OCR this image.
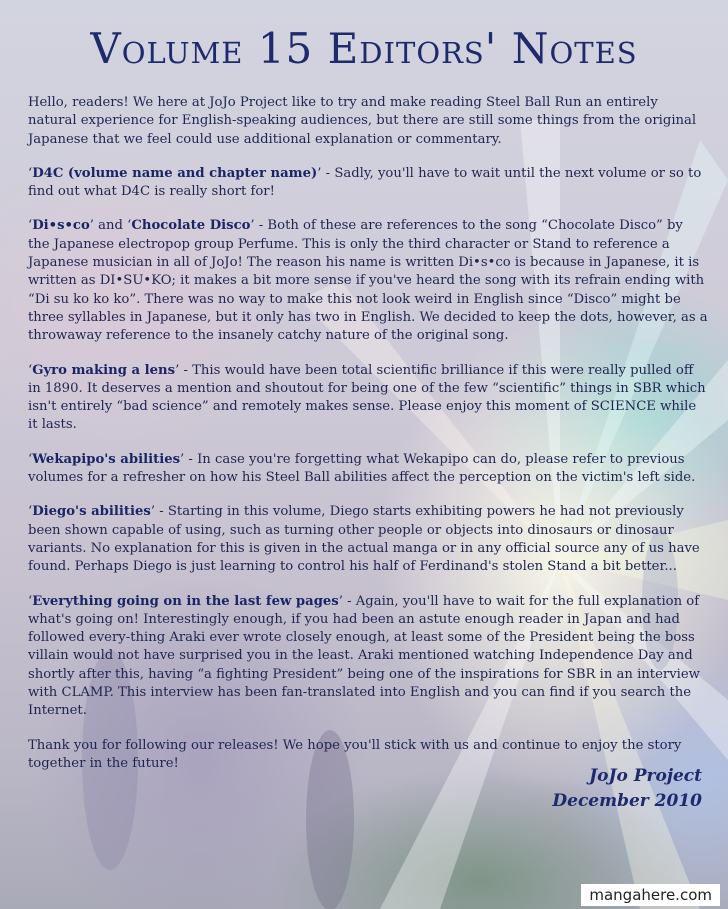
Volume 15 Editors' Notes

Hello, readers! We here at JoJo Project like to try and make reading Steel Ball Run an entirely natural experience for English-speaking audiences, but there are still some things from the original Japanese that we feel could use additional explanation or commentary.

‘D4C (volume name and chapter name)’ - Sadly, you'll have to wait until the next volume or so to find out what D4C is really short for!

‘Di•s•co’ and ‘Chocolate Disco’ - Both of these are references to the song “Chocolate Disco” by the Japanese electropop group Perfume. This is only the third character or Stand to reference a Japanese musician in all of JoJo! The reason his name is written Di•s•co is because in Japanese, it is written as DI•SU•KO; it makes a bit more sense if you've heard the song with its refrain ending with “Di su ko ko ko”. There was no way to make this not look weird in English since “Disco” might be three syllables in Japanese, but it only has two in English. We decided to keep the dots, however, as a throwaway reference to the insanely catchy nature of the original song.

‘Gyro making a lens’ - This would have been total scientific brilliance if this were really pulled off in 1890. It deserves a mention and shoutout for being one of the few “scientific” things in SBR which isn't entirely “bad science” and remotely makes sense. Please enjoy this moment of SCIENCE while it lasts.

‘Wekapipo's abilities’ - In case you're forgetting what Wekapipo can do, please refer to previous volumes for a refresher on how his Steel Ball abilities affect the perception on the victim's left side.

‘Diego's abilities’ - Starting in this volume, Diego starts exhibiting powers he had not previously been shown capable of using, such as turning other people or objects into dinosaurs or dinosaur variants. No explanation for this is given in the actual manga or in any official source any of us have found. Perhaps Diego is just learning to control his half of Ferdinand's stolen Stand a bit better...

‘Everything going on in the last few pages’ - Again, you'll have to wait for the full explanation of what's going on! Interestingly enough, if you had been an astute enough reader in Japan and had followed every-thing Araki ever wrote closely enough, at least some of the President being the boss villain would not have surprised you in the least. Araki mentioned watching Independence Day and shortly after this, having “a fighting President” being one of the inspirations for SBR in an interview with CLAMP. This interview has been fan-translated into English and you can find if you search the Internet.

Thank you for following our releases! We hope you'll stick with us and continue to enjoy the story together in the future!

JoJo Project
December 2010
mangahere.com
